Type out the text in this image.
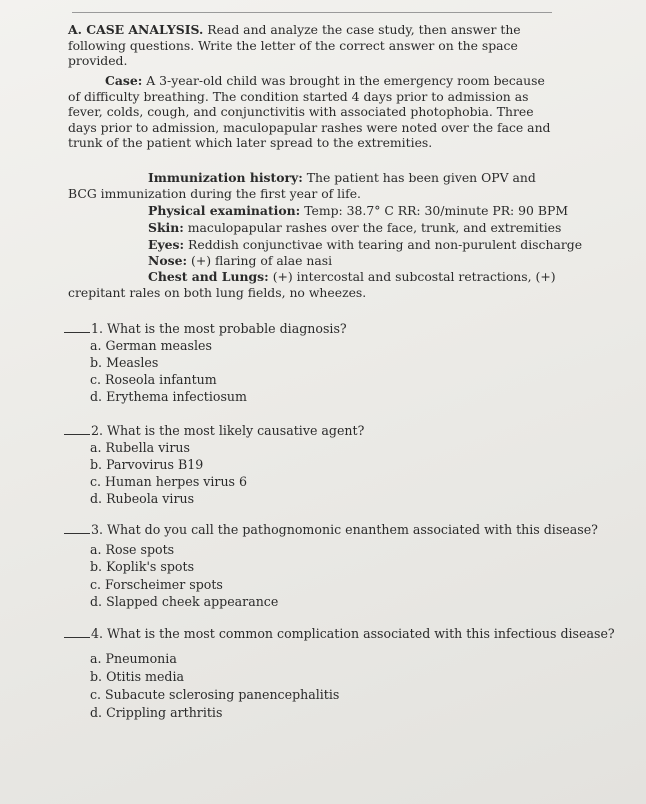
A. CASE ANALYSIS. Read and analyze the case study, then answer the following questions. Write the letter of the correct answer on the space provided.

Case: A 3-year-old child was brought in the emergency room because of difficulty breathing. The condition started 4 days prior to admission as fever, colds, cough, and conjunctivitis with associated photophobia. Three days prior to admission, maculopapular rashes were noted over the face and trunk of the patient which later spread to the extremities.

Immunization history: The patient has been given OPV and BCG immunization during the first year of life.

Physical examination: Temp: 38.7° C RR: 30/minute PR: 90 BPM

Skin: maculopapular rashes over the face, trunk, and extremities

Eyes: Reddish conjunctivae with tearing and non-purulent discharge

Nose: (+) flaring of alae nasi

Chest and Lungs: (+) intercostal and subcostal retractions, (+) crepitant rales on both lung fields, no wheezes.

1. What is the most probable diagnosis?
a. German measles
b. Measles
c. Roseola infantum
d. Erythema infectiosum
2. What is the most likely causative agent?
a. Rubella virus
b. Parvovirus B19
c. Human herpes virus 6
d. Rubeola virus
3. What do you call the pathognomonic enanthem associated with this disease?
a. Rose spots
b. Koplik's spots
c. Forscheimer spots
d. Slapped cheek appearance
4. What is the most common complication associated with this infectious disease?
a. Pneumonia
b. Otitis media
c. Subacute sclerosing panencephalitis
d. Crippling arthritis
